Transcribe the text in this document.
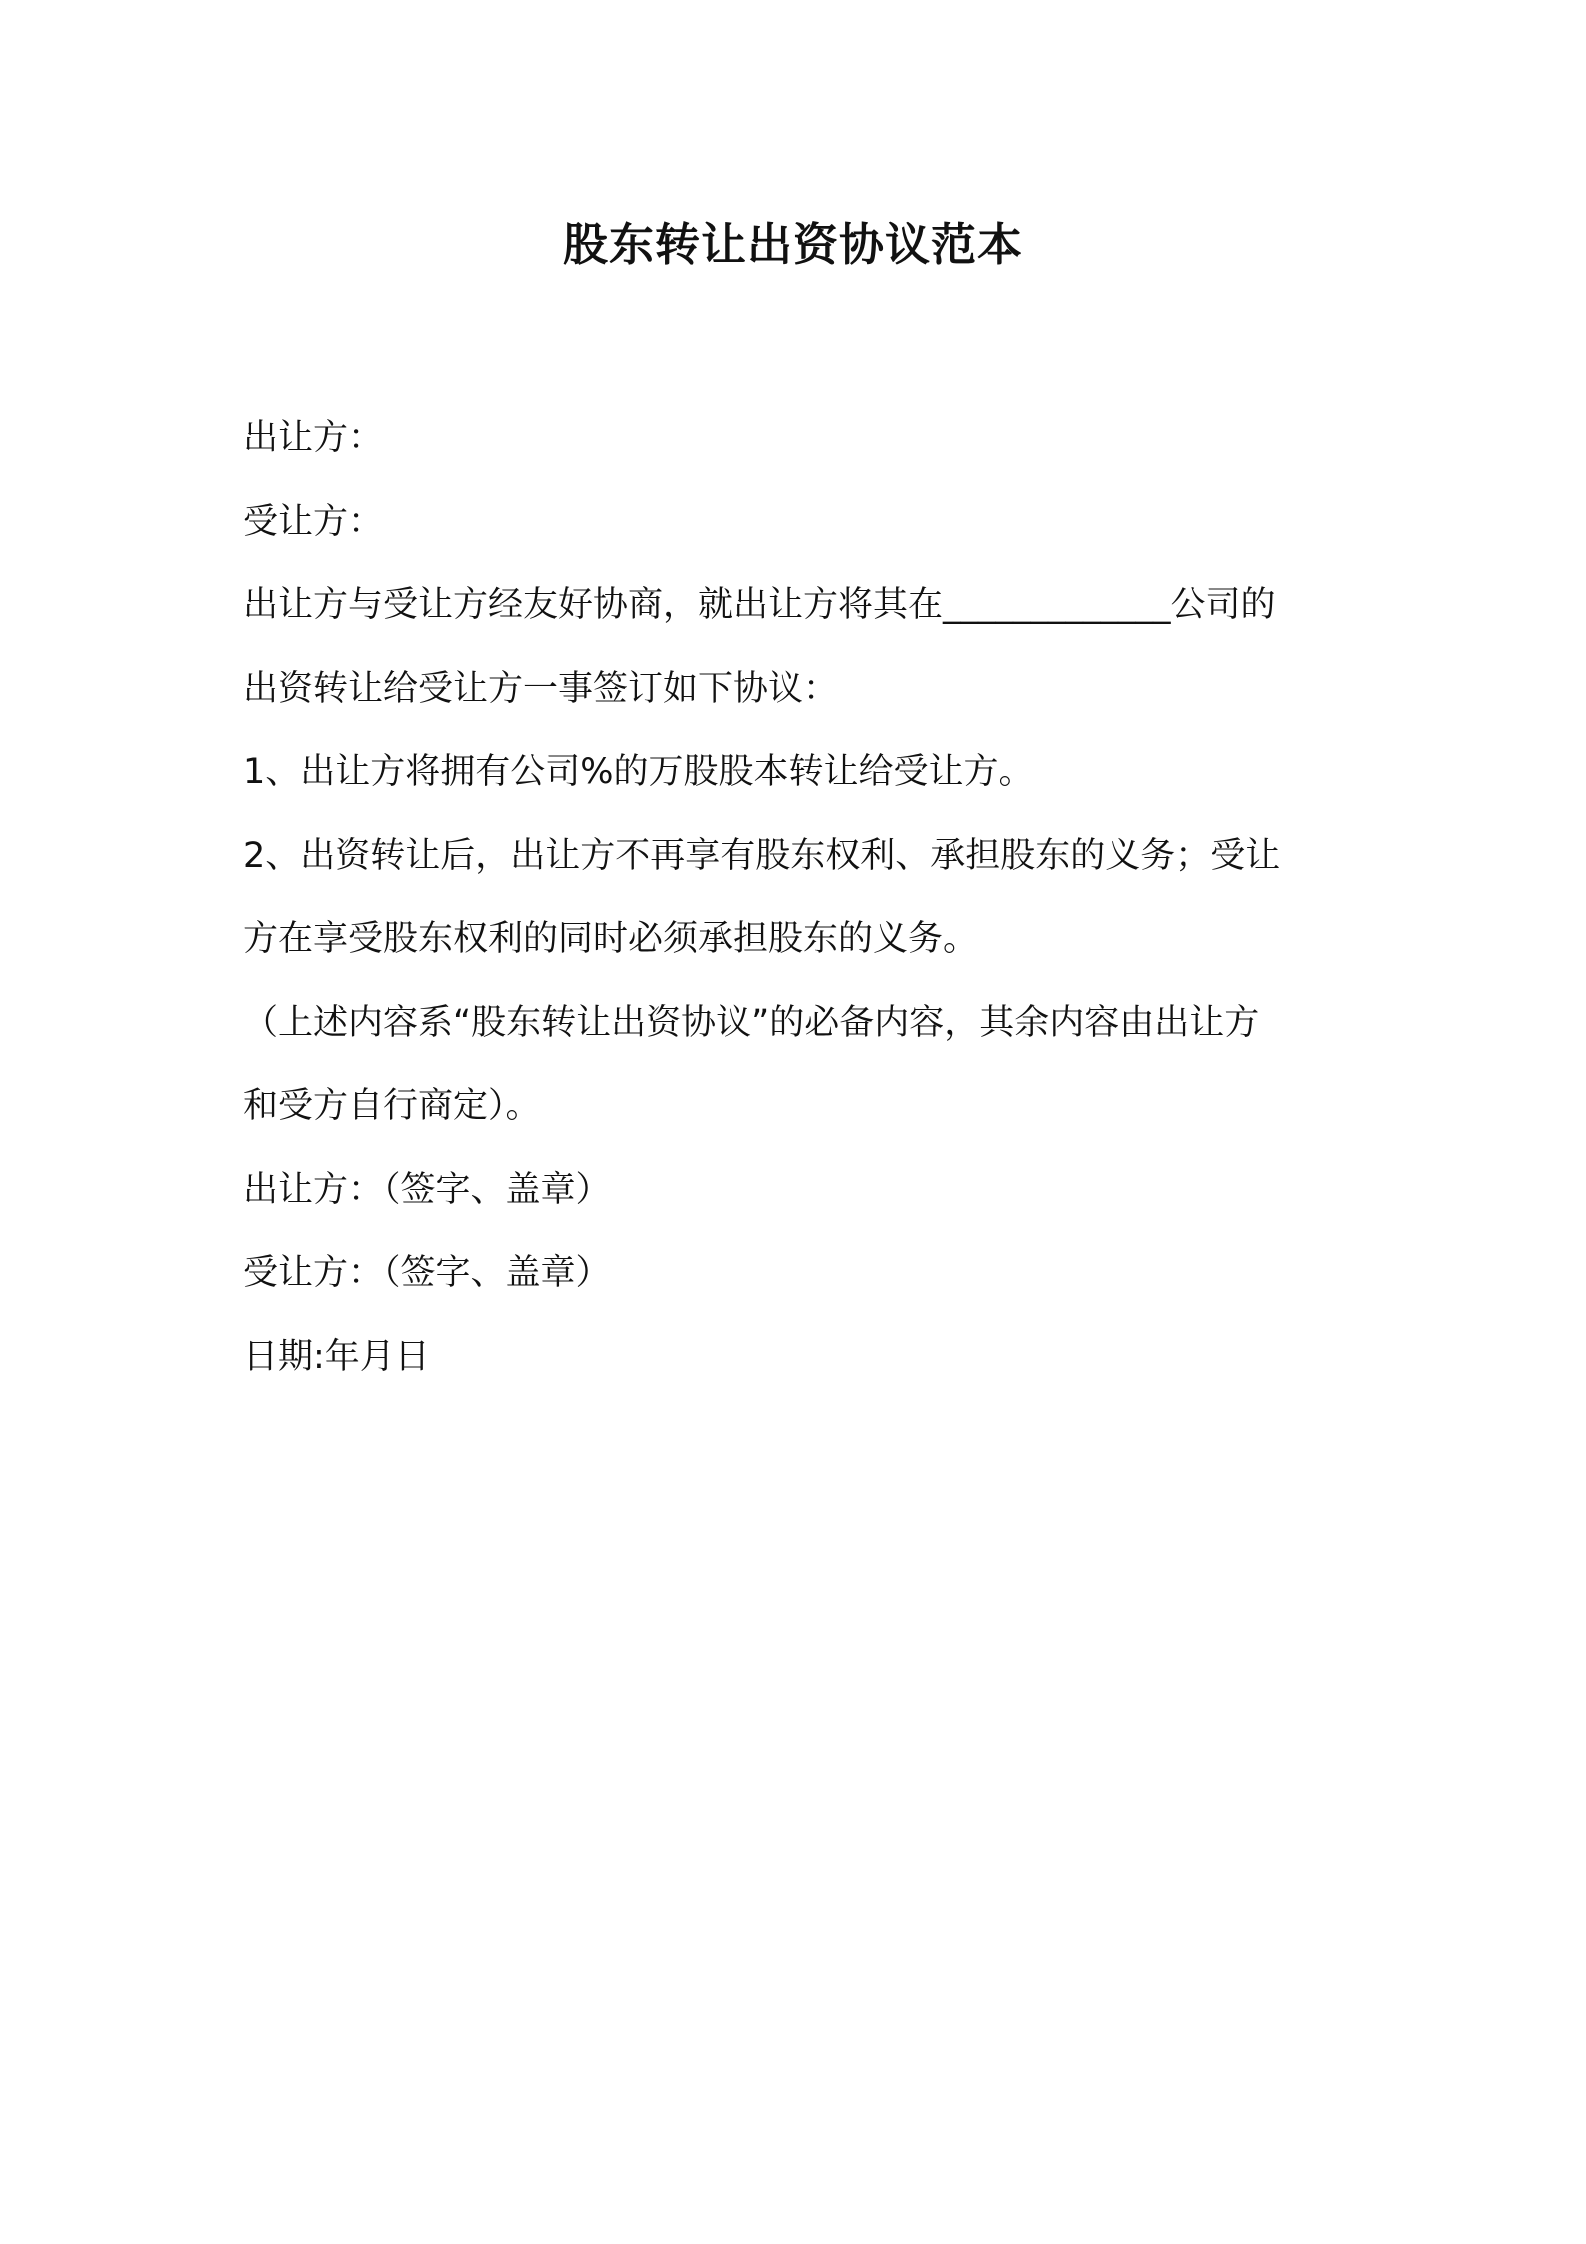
股东转让出资协议范本
出让方：
受让方：
出让方与受让方经友好协商，就出让方将其在_____________公司的
出资转让给受让方一事签订如下协议：
1、出让方将拥有公司%的万股股本转让给受让方。
2、出资转让后，出让方不再享有股东权利、承担股东的义务；受让
方在享受股东权利的同时必须承担股东的义务。
（上述内容系“股东转让出资协议”的必备内容，其余内容由出让方
和受方自行商定）。
出让方：（签字、盖章）
受让方：（签字、盖章）
日期:年月日
